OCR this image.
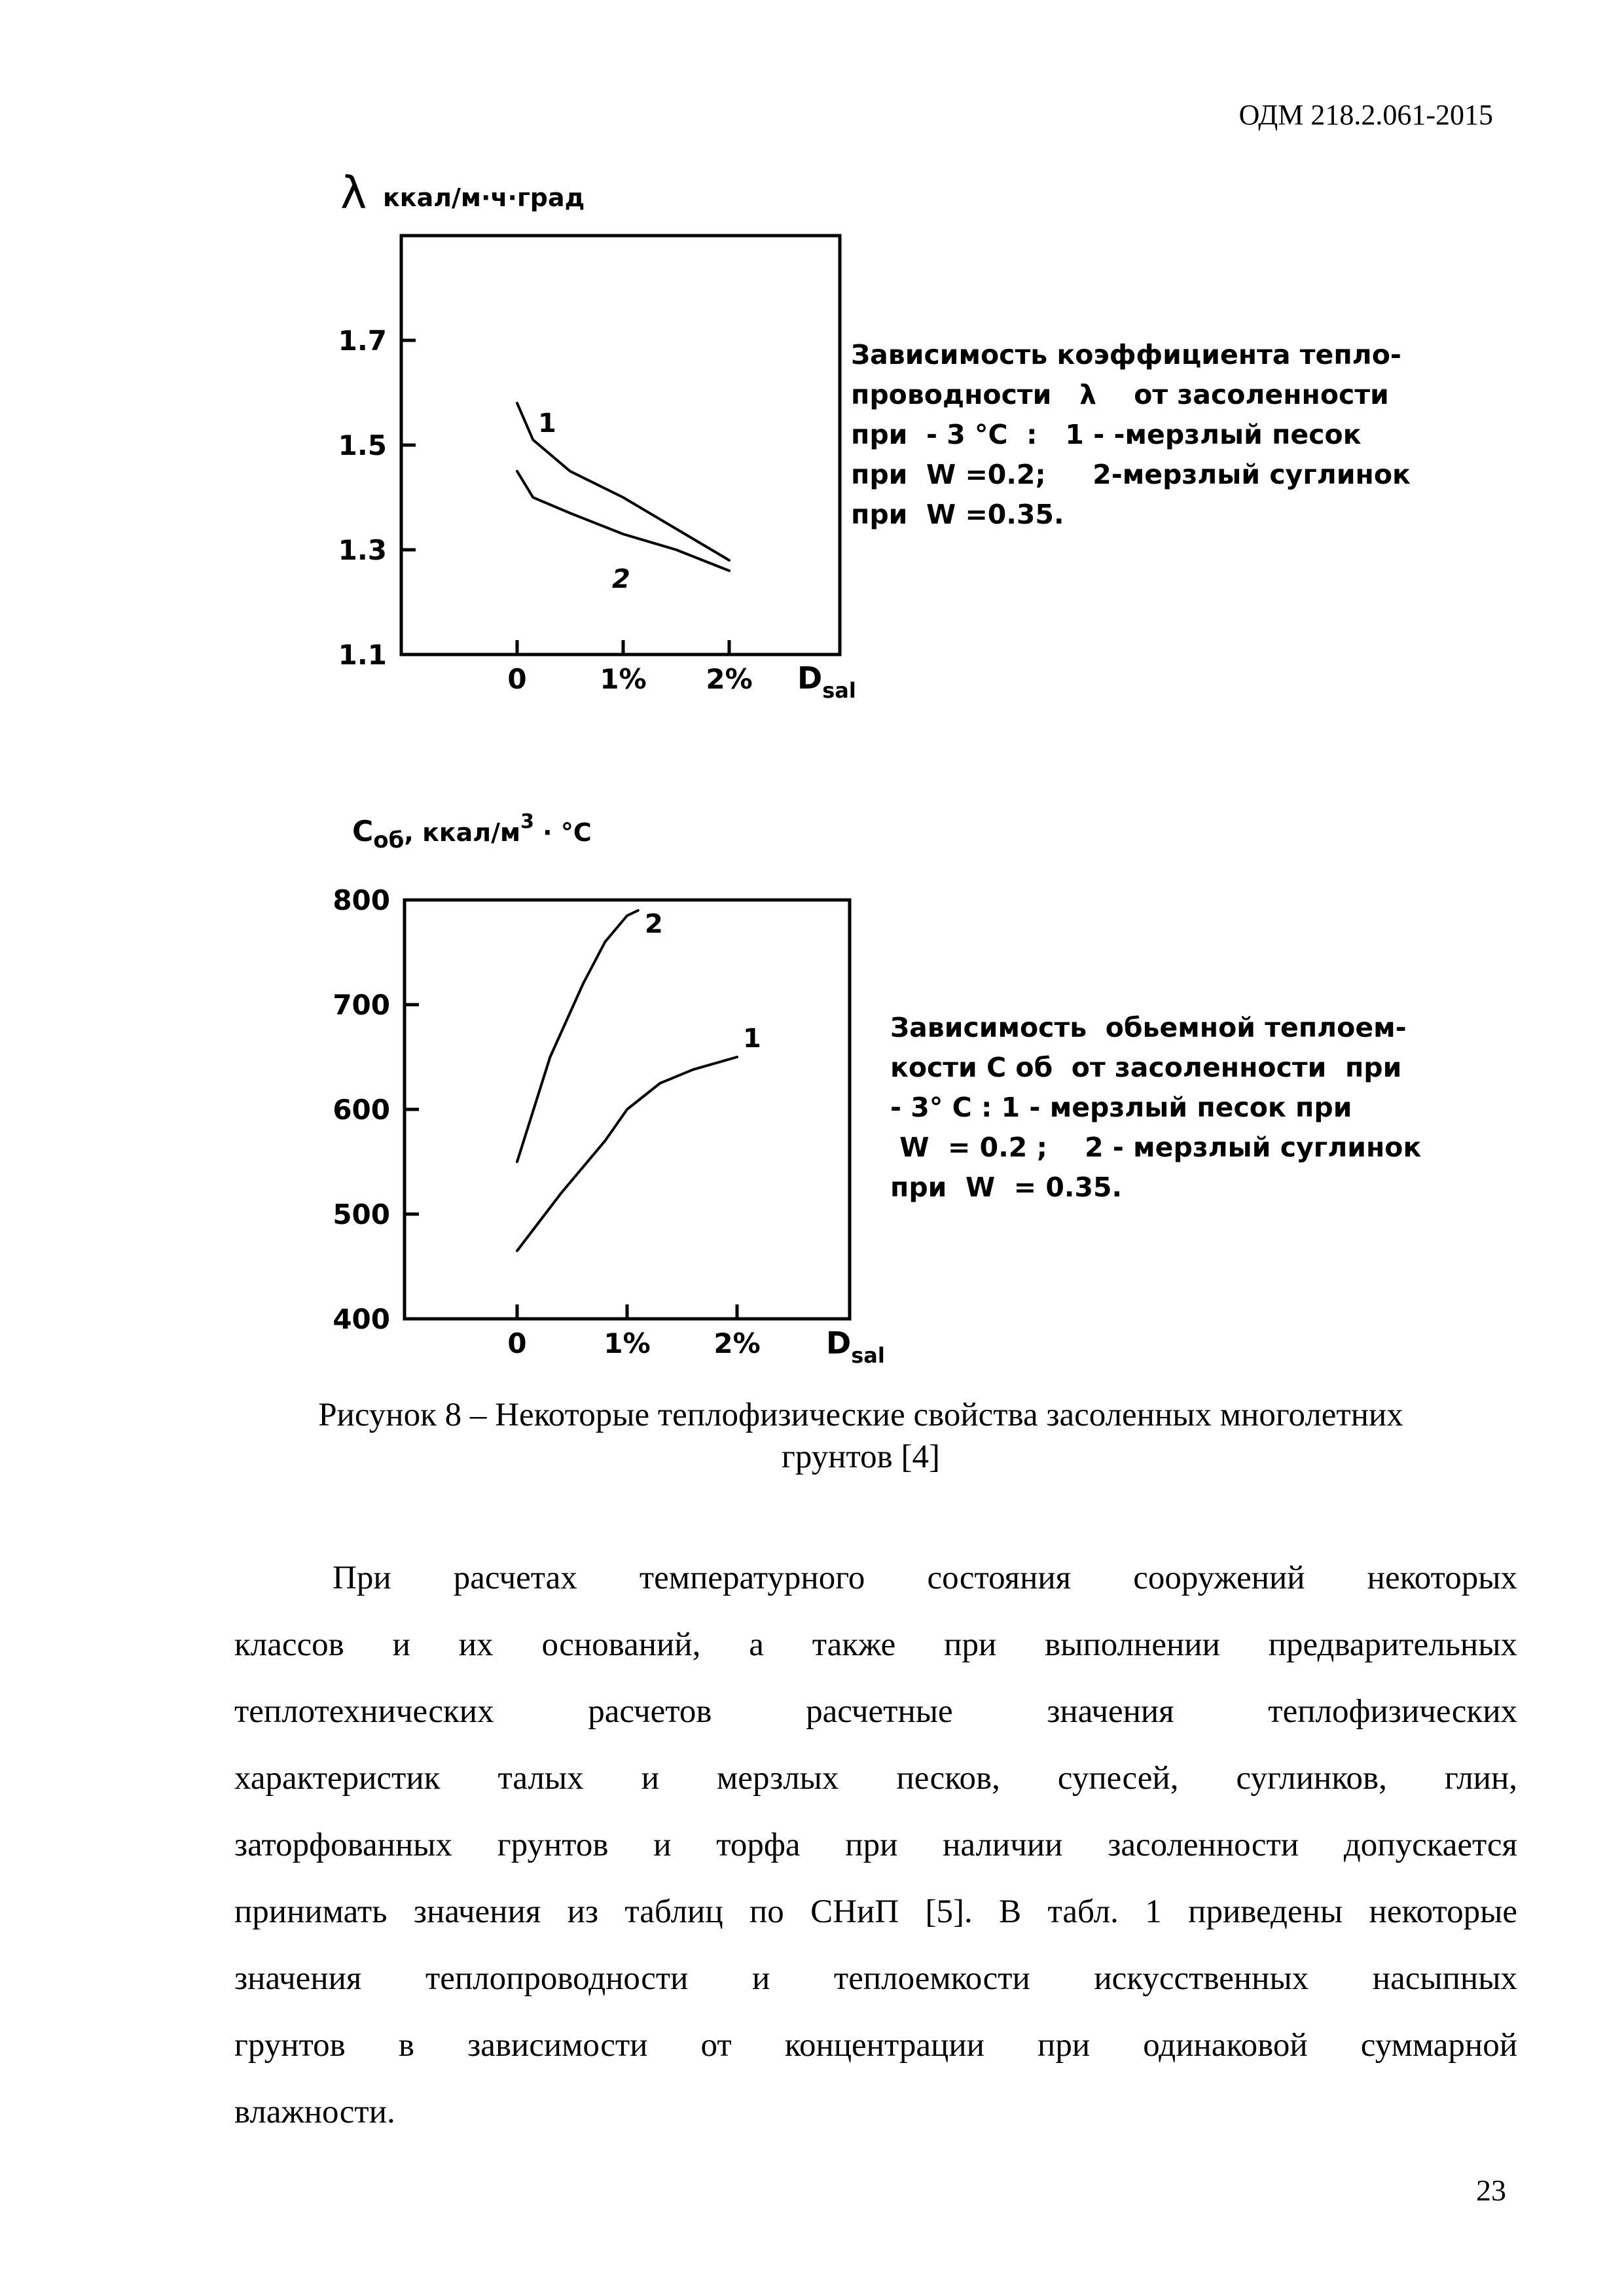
ОДМ 218.2.061-2015
λ ккал/м·ч·град
1.1
1.3
1.5
1.7
0	1% 2%
1
2
$D_{sal}$
Зависимость коэффициента тепло-
проводности   λ    от засоленности
при  - 3 °C  :   1 - -мерзлый песок
при  W =0.2;     2-мерзлый суглинок
при  W =0.35.
$С_{об}$, ккал/$м^3 \cdot ^\circ С$
400
500
600
700
800
0	1% 2%
2
1
$D_{sal}$
Зависимость  обьемной теплоем-
кости С об  от засоленности  при
- 3° С : 1 - мерзлый песок при
W  = 0.2 ;    2 - мерзлый суглинок
при  W  = 0.35.
Рисунок 8 – Некоторые теплофизические свойства засоленных многолетних
грунтов [4]
При расчетах температурного состояния сооружений некоторых
классов и их оснований, а также при выполнении предварительных
теплотехнических расчетов расчетные значения теплофизических
характеристик талых и мерзлых песков, супесей, суглинков, глин,
заторфованных грунтов и торфа при наличии засоленности допускается
принимать значения из таблиц по СНиП [5]. В табл. 1 приведены некоторые
значения теплопроводности и теплоемкости искусственных насыпных
грунтов в зависимости от концентрации при одинаковой суммарной
влажности.
23
